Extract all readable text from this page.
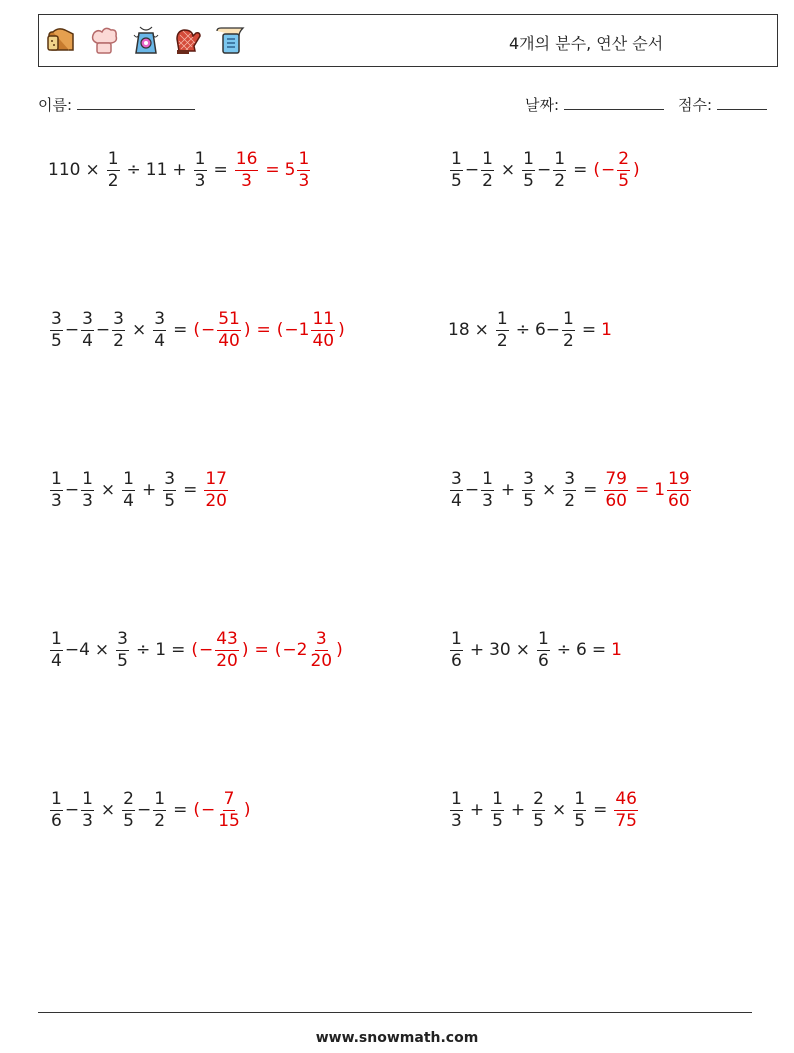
4개의 분수, 연산 순서
이름:	날짜:	점수:
$110 \times \frac{1}{2} \div 11 + \frac{1}{3} = \frac{16}{3} = 5 \frac{1}{3}$	$\frac{1}{5} - \frac{1}{2} \times \frac{1}{5} - \frac{1}{2}$ = ( − $\frac{2}{5}$ )
$\frac{3}{5} - \frac{3}{4} - \frac{3}{2} \times \frac{3}{4}$ = ( − $\frac{51}{40}$ ) = ( − $1 \frac{11}{40}$ )	$18 \times \frac{1}{2} \div 6 - \frac{1}{2} = 1$
$\frac{1}{3} - \frac{1}{3} \times \frac{1}{4} + \frac{3}{5} = \frac{17}{20}$	$\frac{3}{4} - \frac{1}{3} + \frac{3}{5} \times \frac{3}{2} = \frac{79}{60} = 1 \frac{19}{60}$
$\frac{1}{4} - 4 \times \frac{3}{5} \div 1$ = ( − $\frac{43}{20}$ ) = ( − $2 \frac{3}{20}$ )	$\frac{1}{6} + 30 \times \frac{1}{6} \div 6 = 1$
$\frac{1}{6} - \frac{1}{3} \times \frac{2}{5} - \frac{1}{2}$ = ( − $\frac{7}{15}$ )	$\frac{1}{3} + \frac{1}{5} + \frac{2}{5} \times \frac{1}{5} = \frac{46}{75}$
www.snowmath.com
